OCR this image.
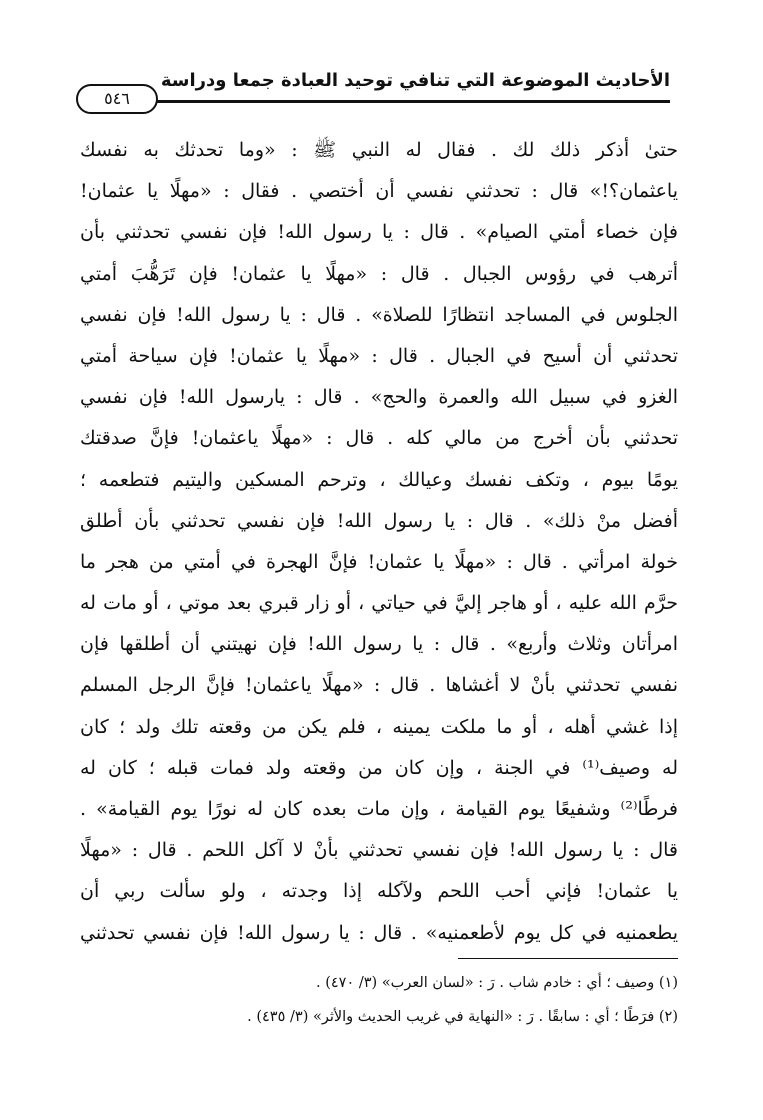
الأحاديث الموضوعة التي تنافي توحيد العبادة جمعا ودراسة
٥٤٦
حتىٰ أذكر ذلك لك . فقال له النبي ﷺ : «وما تحدثك به نفسك
ياعثمان؟!» قال : تحدثني نفسي أن أختصي . فقال : «مهلًا يا عثمان!
فإن خصاء أمتي الصيام» . قال : يا رسول الله! فإن نفسي تحدثني بأن
أترهب في رؤوس الجبال . قال : «مهلًا يا عثمان! فإن تَرَهُّبَ أمتي
الجلوس في المساجد انتظارًا للصلاة» . قال : يا رسول الله! فإن نفسي
تحدثني أن أسيح في الجبال . قال : «مهلًا يا عثمان! فإن سياحة أمتي
الغزو في سبيل الله والعمرة والحج» . قال : يارسول الله! فإن نفسي
تحدثني بأن أخرج من مالي كله . قال : «مهلًا ياعثمان! فإنَّ صدقتك
يومًا بيوم ، وتكف نفسك وعيالك ، وترحم المسكين واليتيم فتطعمه ؛
أفضل منْ ذلك» . قال : يا رسول الله! فإن نفسي تحدثني بأن أطلق
خولة امرأتي . قال : «مهلًا يا عثمان! فإنَّ الهجرة في أمتي من هجر ما
حرَّم الله عليه ، أو هاجر إليَّ في حياتي ، أو زار قبري بعد موتي ، أو مات له
امرأتان وثلاث وأربع» . قال : يا رسول الله! فإن نهيتني أن أطلقها فإن
نفسي تحدثني بأنْ لا أغشاها . قال : «مهلًا ياعثمان! فإنَّ الرجل المسلم
إذا غشي أهله ، أو ما ملكت يمينه ، فلم يكن من وقعته تلك ولد ؛ كان
له وصيف⁽¹⁾ في الجنة ، وإن كان من وقعته ولد فمات قبله ؛ كان له
فرطًا⁽²⁾ وشفيعًا يوم القيامة ، وإن مات بعده كان له نورًا يوم القيامة» .
قال : يا رسول الله! فإن نفسي تحدثني بأنْ لا آكل اللحم . قال : «مهلًا
يا عثمان! فإني أحب اللحم ولآكله إذا وجدته ، ولو سألت ربي أن
يطعمنيه في كل يوم لأطعمنيه» . قال : يا رسول الله! فإن نفسي تحدثني
(١) وصيف ؛ أي : خادم شاب . رَ : «لسان العرب» (٣/ ٤٧٠) .
(٢) فرَطًا ؛ أي : سابقًا . رَ : «النهاية في غريب الحديث والأثر» (٣/ ٤٣٥) .
